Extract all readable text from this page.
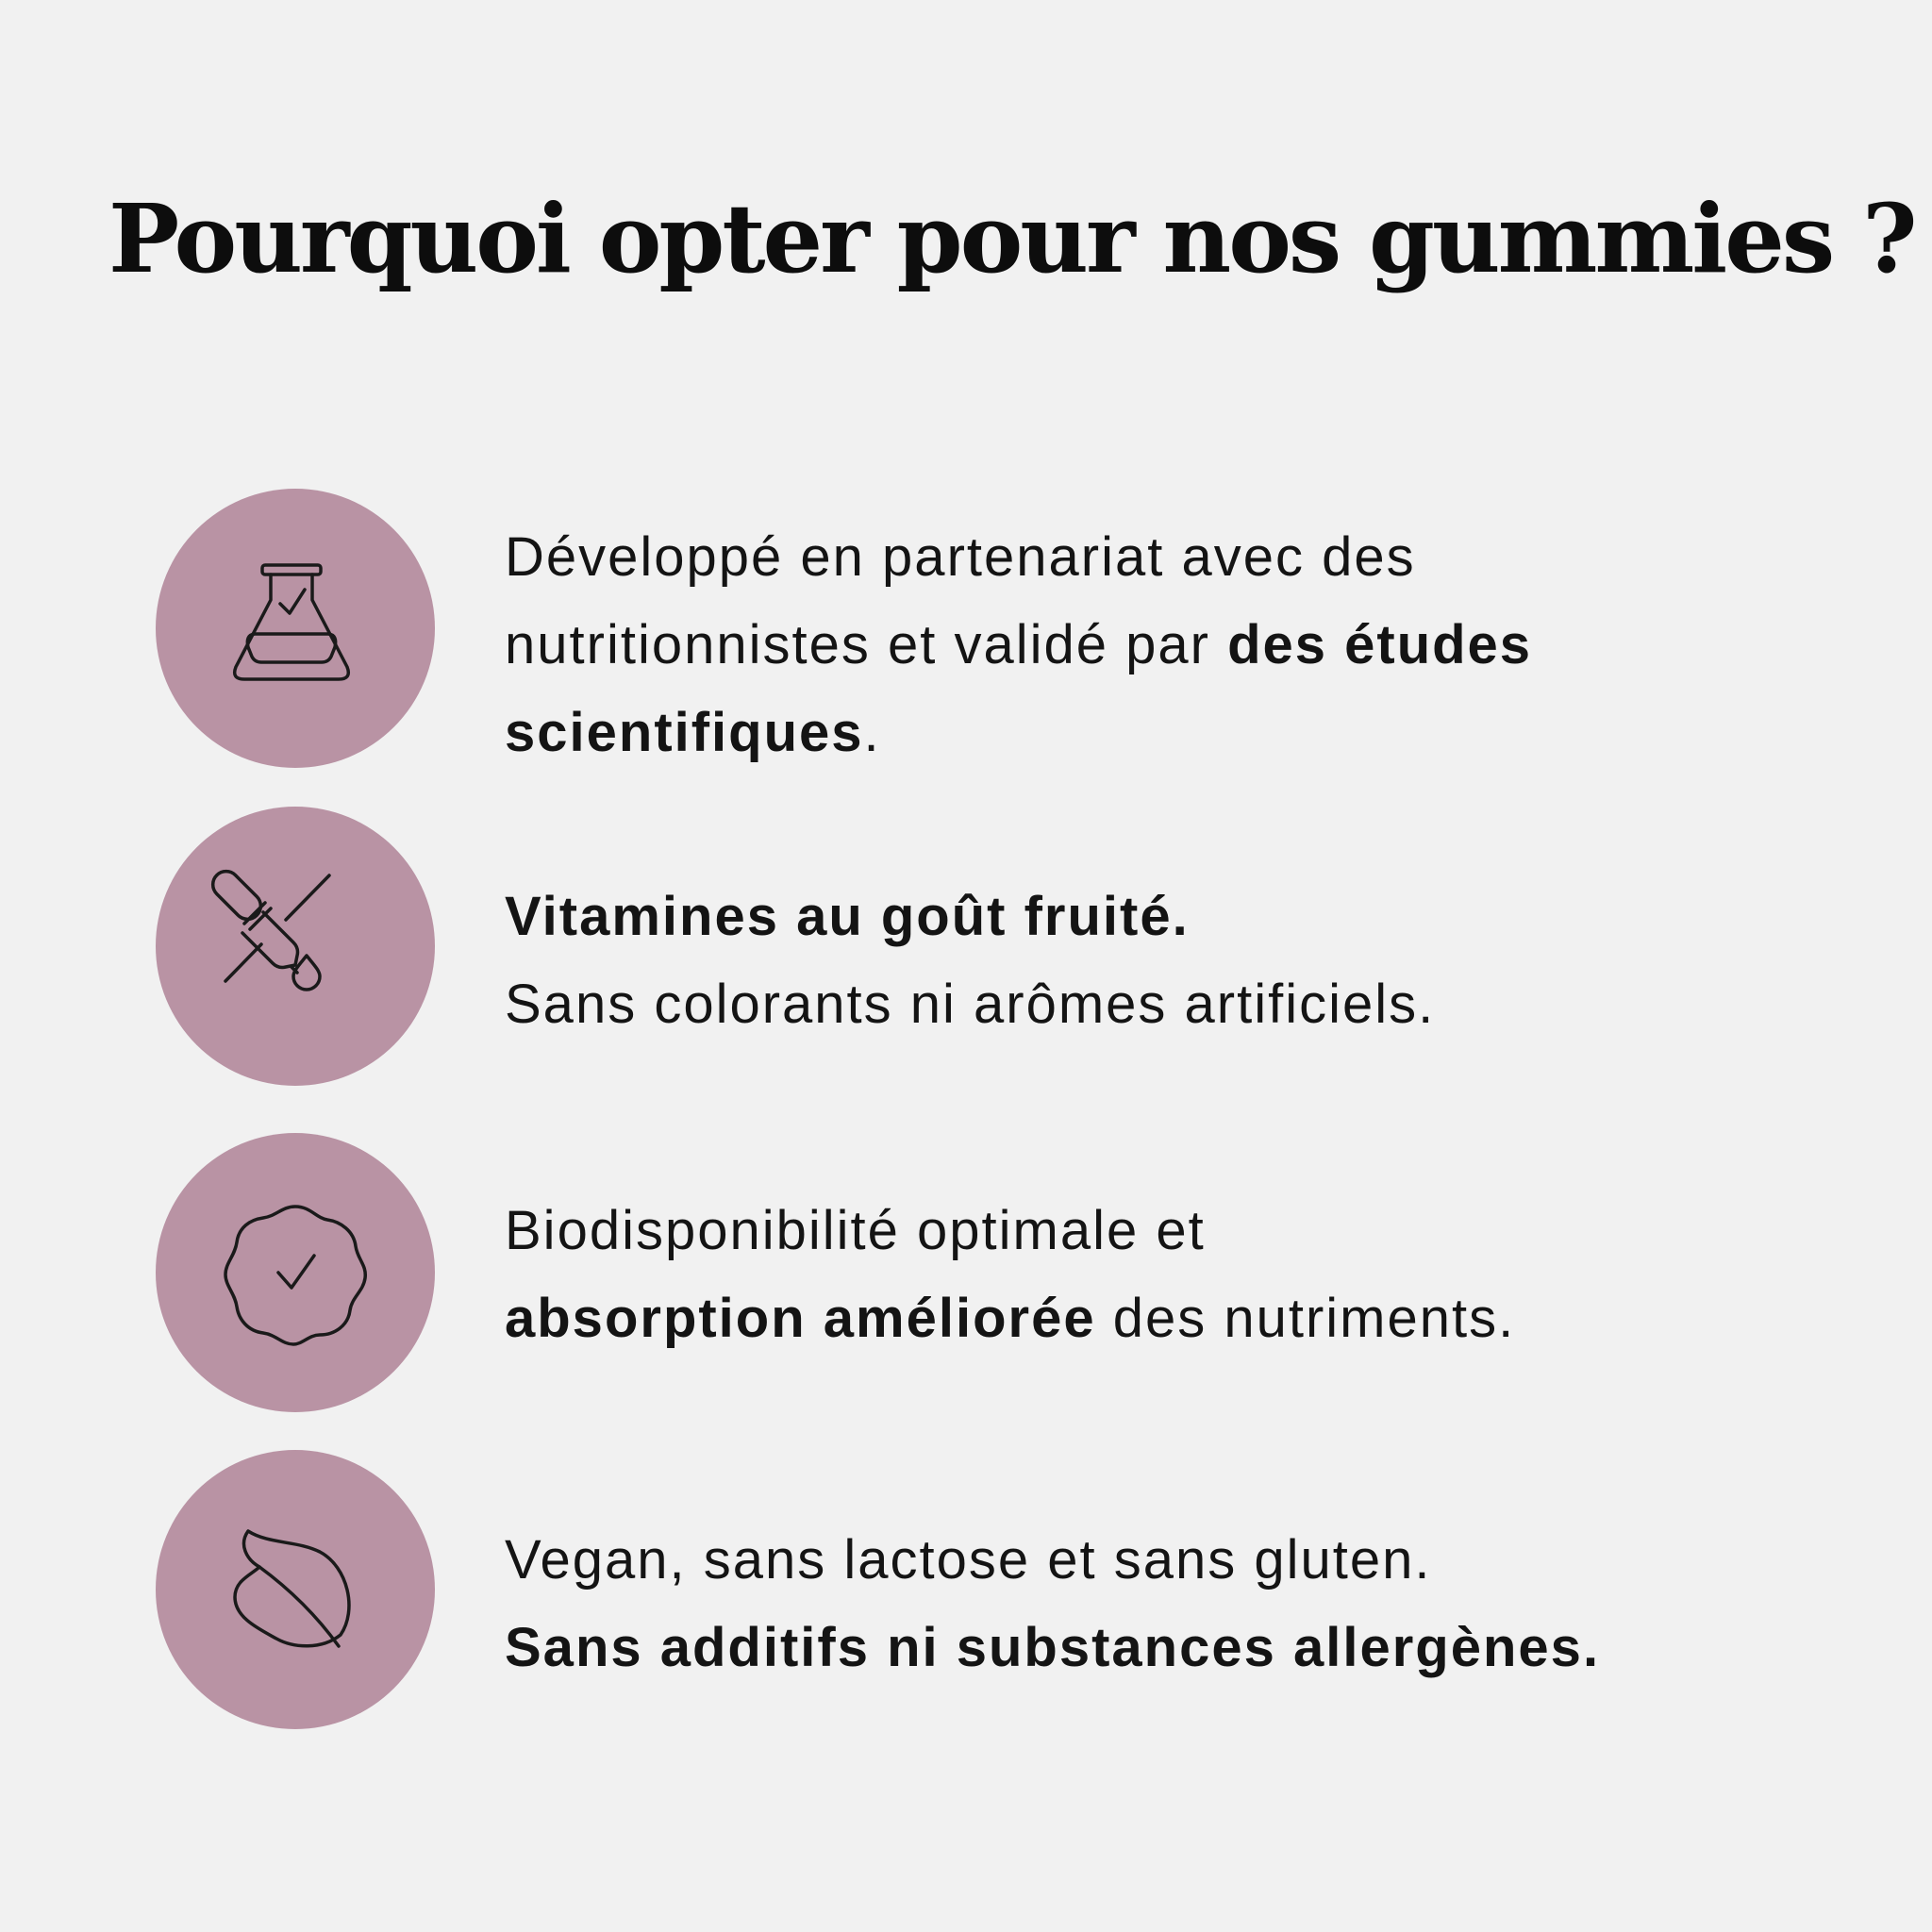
Pourquoi opter pour nos gummies ?

Développé en partenariat avec des

nutritionnistes et validé par des études

scientifiques.

Vitamines au goût fruité.

Sans colorants ni arômes artificiels.

Biodisponibilité optimale et

absorption améliorée des nutriments.

Vegan, sans lactose et sans gluten.

Sans additifs ni substances allergènes.
